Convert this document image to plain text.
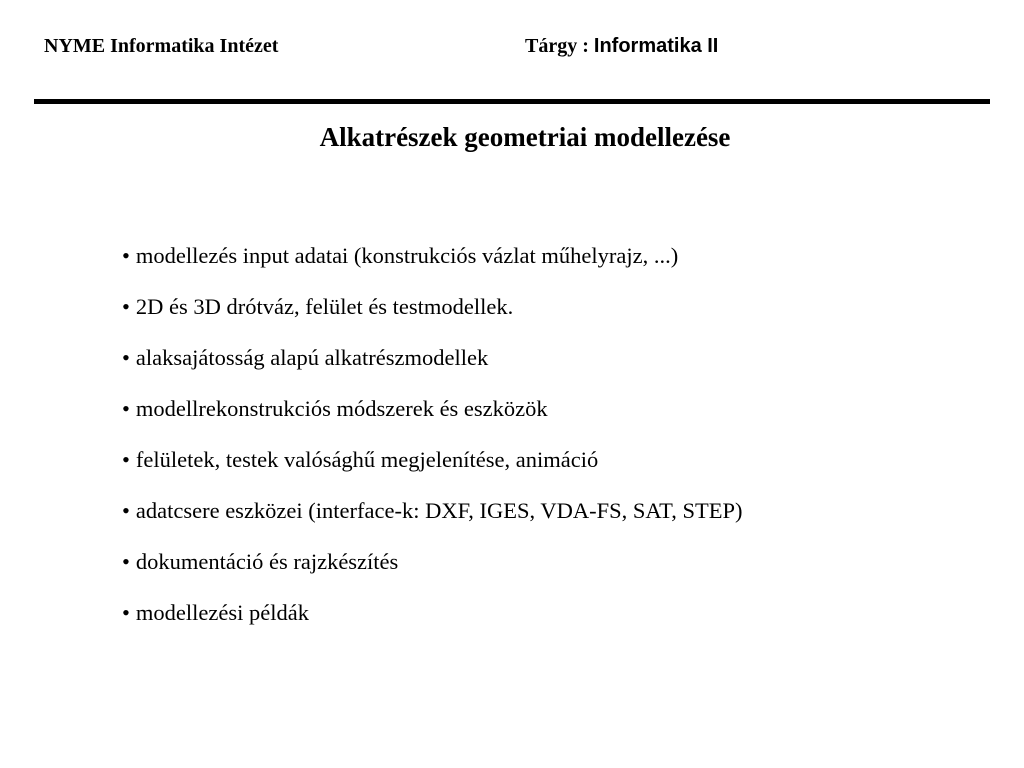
NYME Informatika Intézet	Tárgy : Informatika II
Alkatrészek geometriai modellezése
• modellezés input adatai (konstrukciós vázlat műhelyrajz, ...)
• 2D és 3D drótváz, felület és testmodellek.
• alaksajátosság alapú alkatrészmodellek
• modellrekonstrukciós módszerek és eszközök
• felületek, testek valósághű megjelenítése, animáció
• adatcsere eszközei (interface-k: DXF, IGES, VDA-FS, SAT, STEP)
• dokumentáció és rajzkészítés
• modellezési példák
